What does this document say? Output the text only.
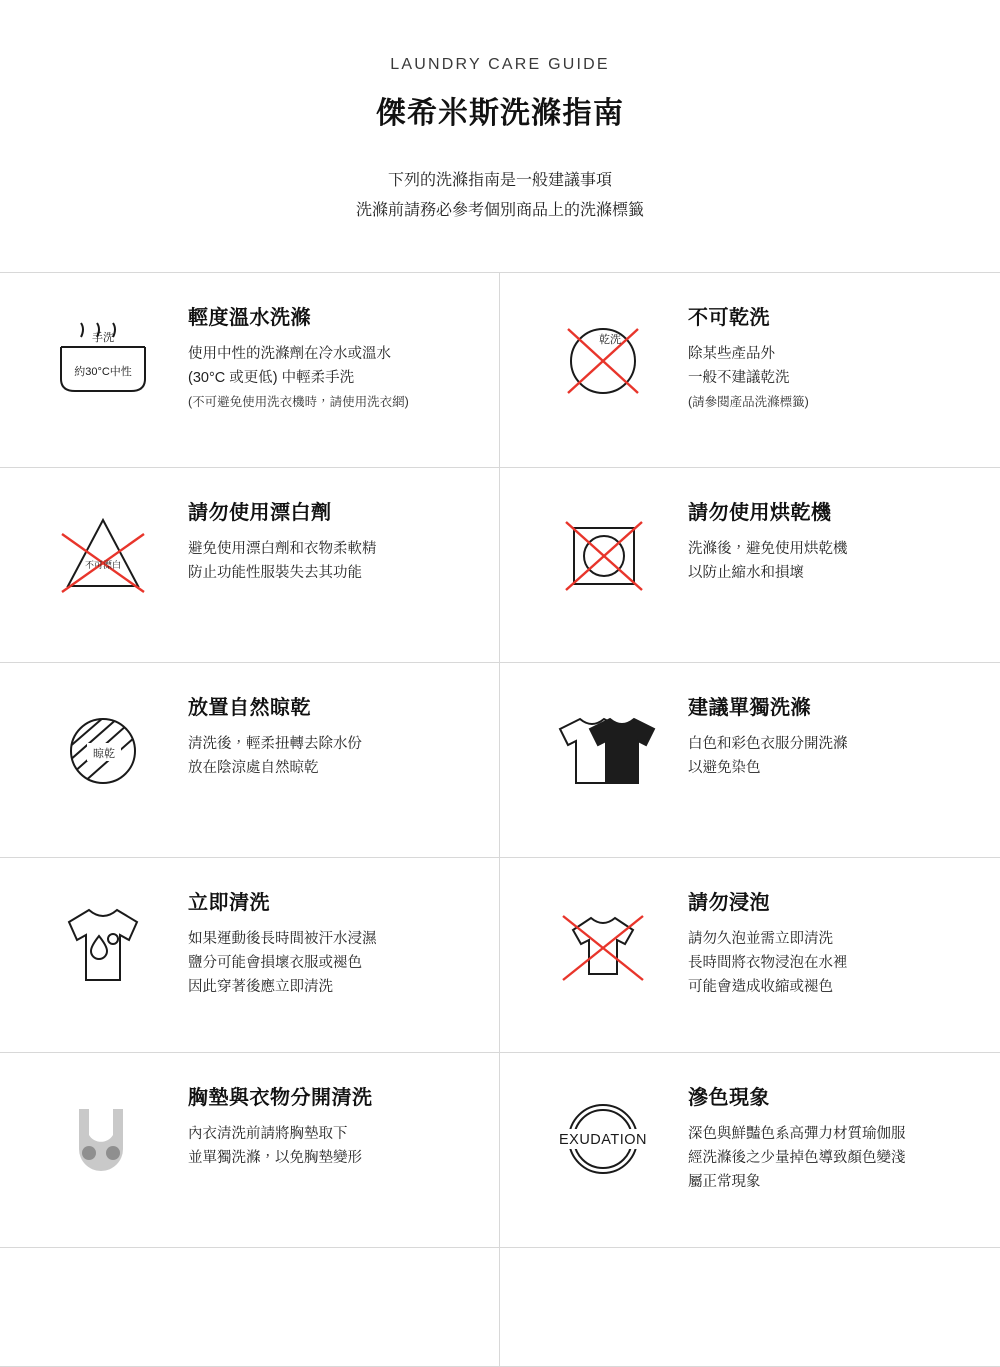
LAUNDRY CARE GUIDE
傑希米斯洗滌指南
下列的洗滌指南是一般建議事項
洗滌前請務必參考個別商品上的洗滌標籤
手洗
約30°C中性
輕度溫水洗滌
使用中性的洗滌劑在冷水或溫水
(30°C 或更低) 中輕柔手洗
(不可避免使用洗衣機時，請使用洗衣網)
乾洗
不可乾洗
除某些產品外
一般不建議乾洗
(請參閱產品洗滌標籤)
不可漂白
請勿使用漂白劑
避免使用漂白劑和衣物柔軟精
防止功能性服裝失去其功能
請勿使用烘乾機
洗滌後，避免使用烘乾機
以防止縮水和損壞
晾乾
放置自然晾乾
清洗後，輕柔扭轉去除水份
放在陰涼處自然晾乾
建議單獨洗滌
白色和彩色衣服分開洗滌
以避免染色
立即清洗
如果運動後長時間被汗水浸濕
鹽分可能會損壞衣服或褪色
因此穿著後應立即清洗
請勿浸泡
請勿久泡並需立即清洗
長時間將衣物浸泡在水裡
可能會造成收縮或褪色
胸墊與衣物分開清洗
內衣清洗前請將胸墊取下
並單獨洗滌，以免胸墊變形
EXUDATION
滲色現象
深色與鮮豔色系高彈力材質瑜伽服
經洗滌後之少量掉色導致顏色變淺
屬正常現象
